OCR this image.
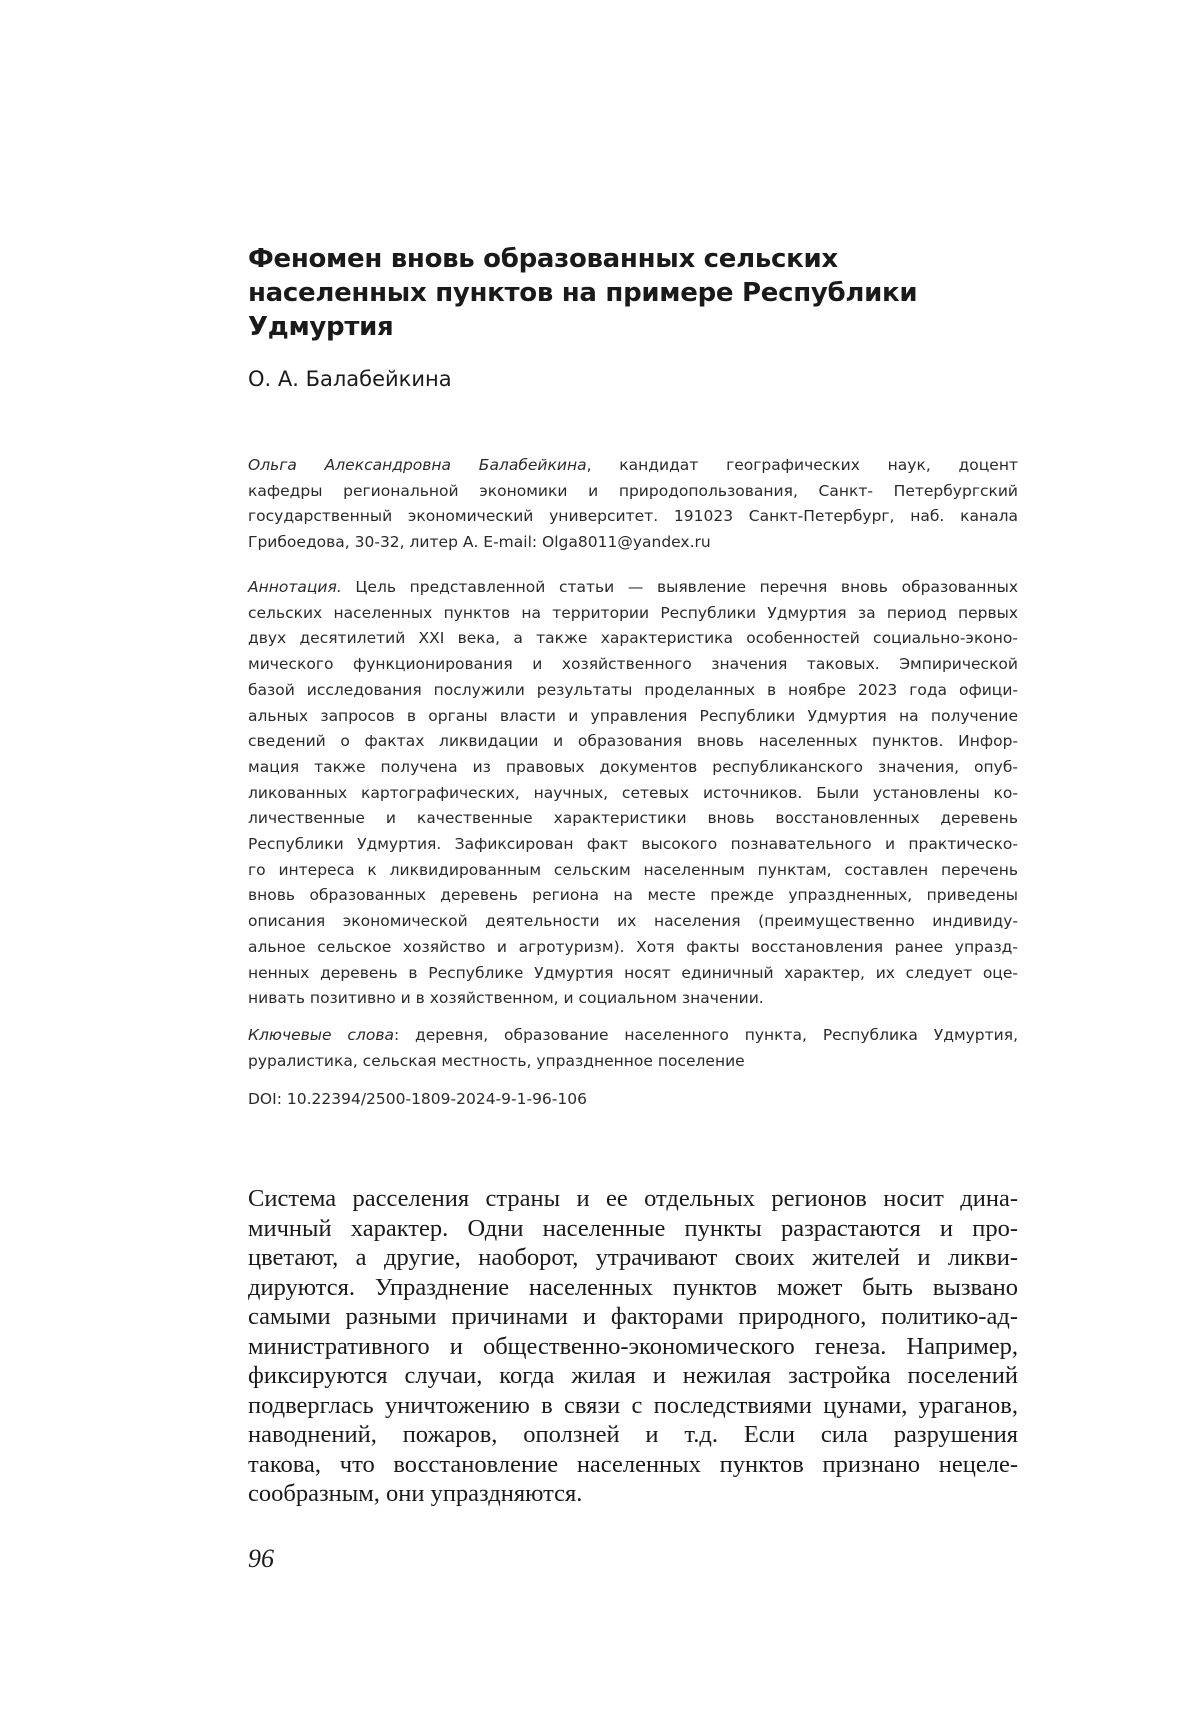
Феномен вновь образованных сельских
населенных пунктов на примере Республики
Удмуртия
О. А. Балабейкина
Ольга Александровна Балабейкина, кандидат географических наук, доцент
кафедры региональной экономики и природопользования, Санкт- Петербургский
государственный экономический университет. 191023 Санкт-Петербург, наб. канала
Грибоедова, 30-32, литер А. E-mail: Olga8011@yandex.ru
Аннотация. Цель представленной статьи — выявление перечня вновь образованных
сельских населенных пунктов на территории Республики Удмуртия за период первых
двух десятилетий XXI века, а также характеристика особенностей социально-эконо-
мического функционирования и хозяйственного значения таковых. Эмпирической
базой исследования послужили результаты проделанных в ноябре 2023 года офици-
альных запросов в органы власти и управления Республики Удмуртия на получение
сведений о фактах ликвидации и образования вновь населенных пунктов. Инфор-
мация также получена из правовых документов республиканского значения, опуб-
ликованных картографических, научных, сетевых источников. Были установлены ко-
личественные и качественные характеристики вновь восстановленных деревень
Республики Удмуртия. Зафиксирован факт высокого познавательного и практическо-
го интереса к ликвидированным сельским населенным пунктам, составлен перечень
вновь образованных деревень региона на месте прежде упраздненных, приведены
описания экономической деятельности их населения (преимущественно индивиду-
альное сельское хозяйство и агротуризм). Хотя факты восстановления ранее упразд-
ненных деревень в Республике Удмуртия носят единичный характер, их следует оце-
нивать позитивно и в хозяйственном, и социальном значении.
Ключевые слова: деревня, образование населенного пункта, Республика Удмуртия,
руралистика, сельская местность, упраздненное поселение
DOI: 10.22394/2500-1809-2024-9-1-96-106
Система расселения страны и ее отдельных регионов носит дина-
мичный характер. Одни населенные пункты разрастаются и про-
цветают, а другие, наоборот, утрачивают своих жителей и ликви-
дируются. Упразднение населенных пунктов может быть вызвано
самыми разными причинами и факторами природного, политико-ад-
министративного и общественно-экономического генеза. Например,
фиксируются случаи, когда жилая и нежилая застройка поселений
подверглась уничтожению в связи с последствиями цунами, ураганов,
наводнений, пожаров, оползней и т.д. Если сила разрушения
такова, что восстановление населенных пунктов признано нецеле-
сообразным, они упраздняются.
96
